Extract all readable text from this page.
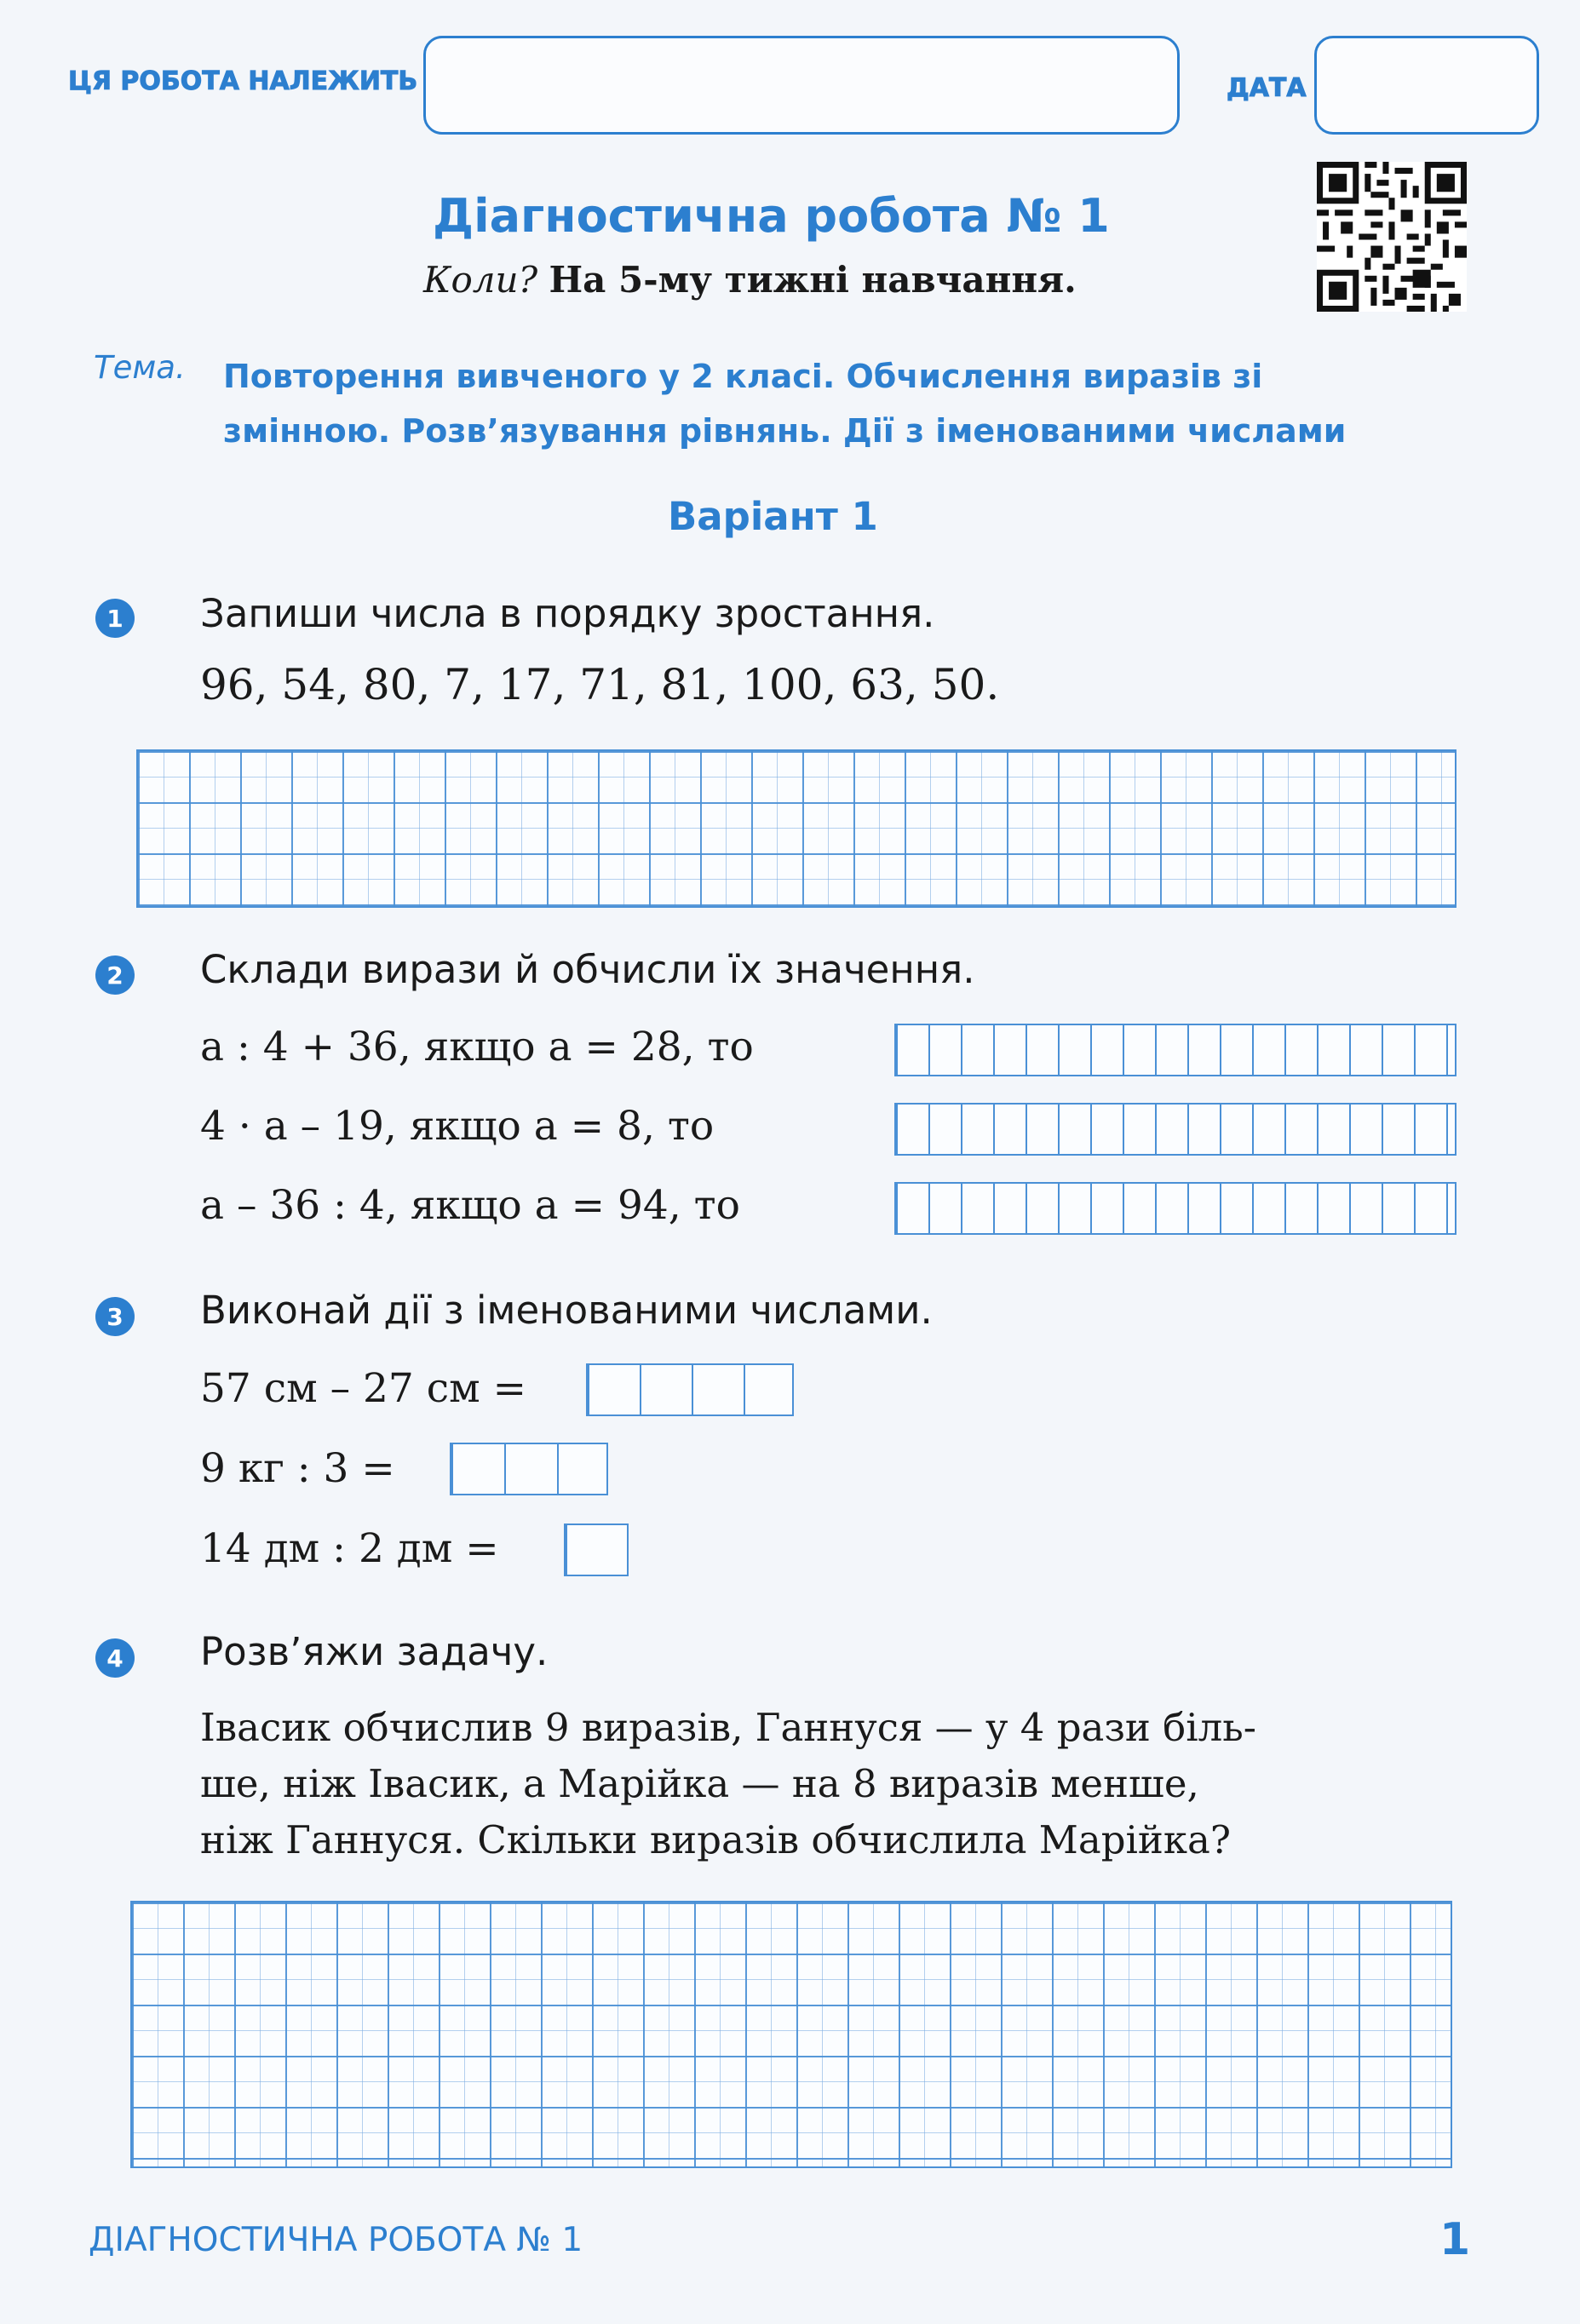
ЦЯ РОБОТА НАЛЕЖИТЬ	ДАТА
Діагностична робота № 1
Коли? На 5-му тижні навчання.
Тема. Повторення вивченого у 2 класі. Обчислення виразів зі
змінною. Розв’язування рівнянь. Дії з іменованими числами
Варіант 1
1 Запиши числа в порядку зростання.
96, 54, 80, 7, 17, 71, 81, 100, 63, 50.
2 Склади вирази й обчисли їх значення.
a : 4 + 36, якщо a = 28, то
4 · a – 19, якщо a = 8, то
a – 36 : 4, якщо a = 94, то
3 Виконай дії з іменованими числами.
57 см – 27 см =
9 кг : 3 =
14 дм : 2 дм =
4 Розв’яжи задачу.
Івасик обчислив 9 виразів, Ганнуся — у 4 рази біль-
ше, ніж Івасик, а Марійка — на 8 виразів менше,
ніж Ганнуся. Скільки виразів обчислила Марійка?
ДІАГНОСТИЧНА РОБОТА № 1	1
